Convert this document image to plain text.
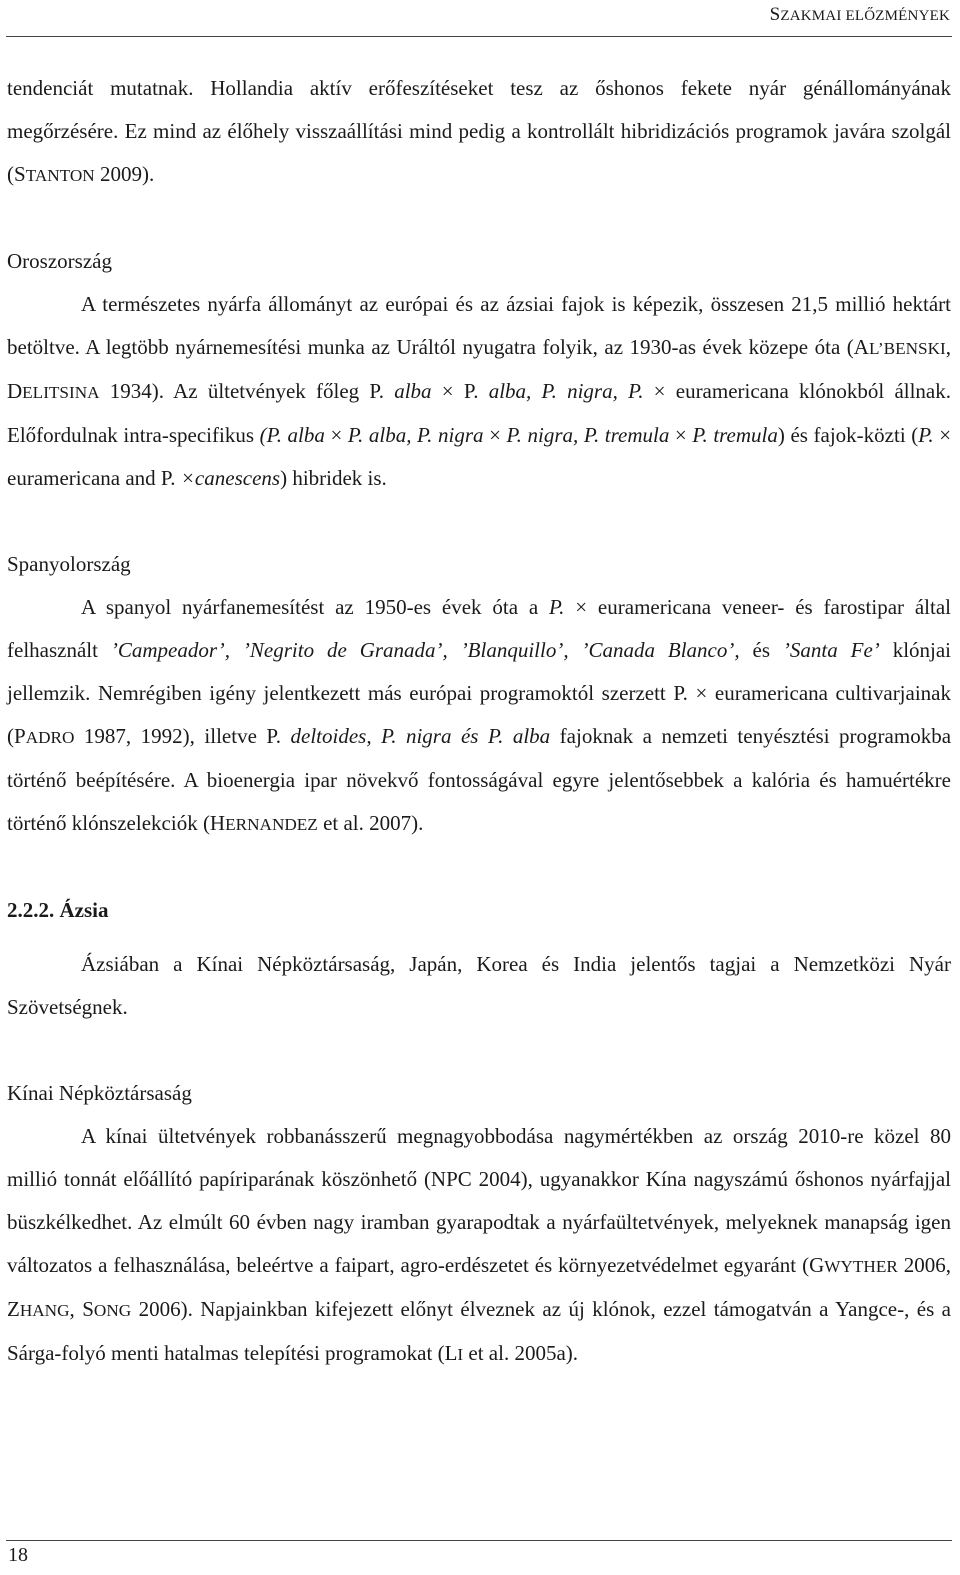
SZAKMAI ELŐZMÉNYEK

tendenciát mutatnak. Hollandia aktív erőfeszítéseket tesz az őshonos fekete nyár génállományának megőrzésére. Ez mind az élőhely visszaállítási mind pedig a kontrollált hibridizációs programok javára szolgál (STANTON 2009).

Oroszország

A természetes nyárfa állományt az európai és az ázsiai fajok is képezik, összesen 21,5 millió hektárt betöltve. A legtöbb nyárnemesítési munka az Uráltól nyugatra folyik, az 1930-as évek közepe óta (AL’BENSKI, DELITSINA 1934). Az ültetvények főleg P. alba × P. alba, P. nigra, P. × euramericana klónokból állnak. Előfordulnak intra-specifikus (P. alba × P. alba, P. nigra × P. nigra, P. tremula × P. tremula) és fajok-közti (P. × euramericana and P. ×canescens) hibridek is.

Spanyolország

A spanyol nyárfanemesítést az 1950-es évek óta a P. × euramericana veneer- és farostipar által felhasznált ’Campeador’, ’Negrito de Granada’, ’Blanquillo’, ’Canada Blanco’, és ’Santa Fe’ klónjai jellemzik. Nemrégiben igény jelentkezett más európai programoktól szerzett P. × euramericana cultivarjainak (PADRO 1987, 1992), illetve P. deltoides, P. nigra és P. alba fajoknak a nemzeti tenyésztési programokba történő beépítésére. A bioenergia ipar növekvő fontosságával egyre jelentősebbek a kalória és hamuértékre történő klónszelekciók (HERNANDEZ et al. 2007).

2.2.2. Ázsia

Ázsiában a Kínai Népköztársaság, Japán, Korea és India jelentős tagjai a Nemzetközi Nyár Szövetségnek.

Kínai Népköztársaság

A kínai ültetvények robbanásszerű megnagyobbodása nagymértékben az ország 2010-re közel 80 millió tonnát előállító papíriparának köszönhető (NPC 2004), ugyanakkor Kína nagyszámú őshonos nyárfajjal büszkélkedhet. Az elmúlt 60 évben nagy iramban gyarapodtak a nyárfaültetvények, melyeknek manapság igen változatos a felhasználása, beleértve a faipart, agro-erdészetet és környezetvédelmet egyaránt (GWYTHER 2006, ZHANG, SONG 2006). Napjainkban kifejezett előnyt élveznek az új klónok, ezzel támogatván a Yangce-, és a Sárga-folyó menti hatalmas telepítési programokat (LI et al. 2005a).

18
